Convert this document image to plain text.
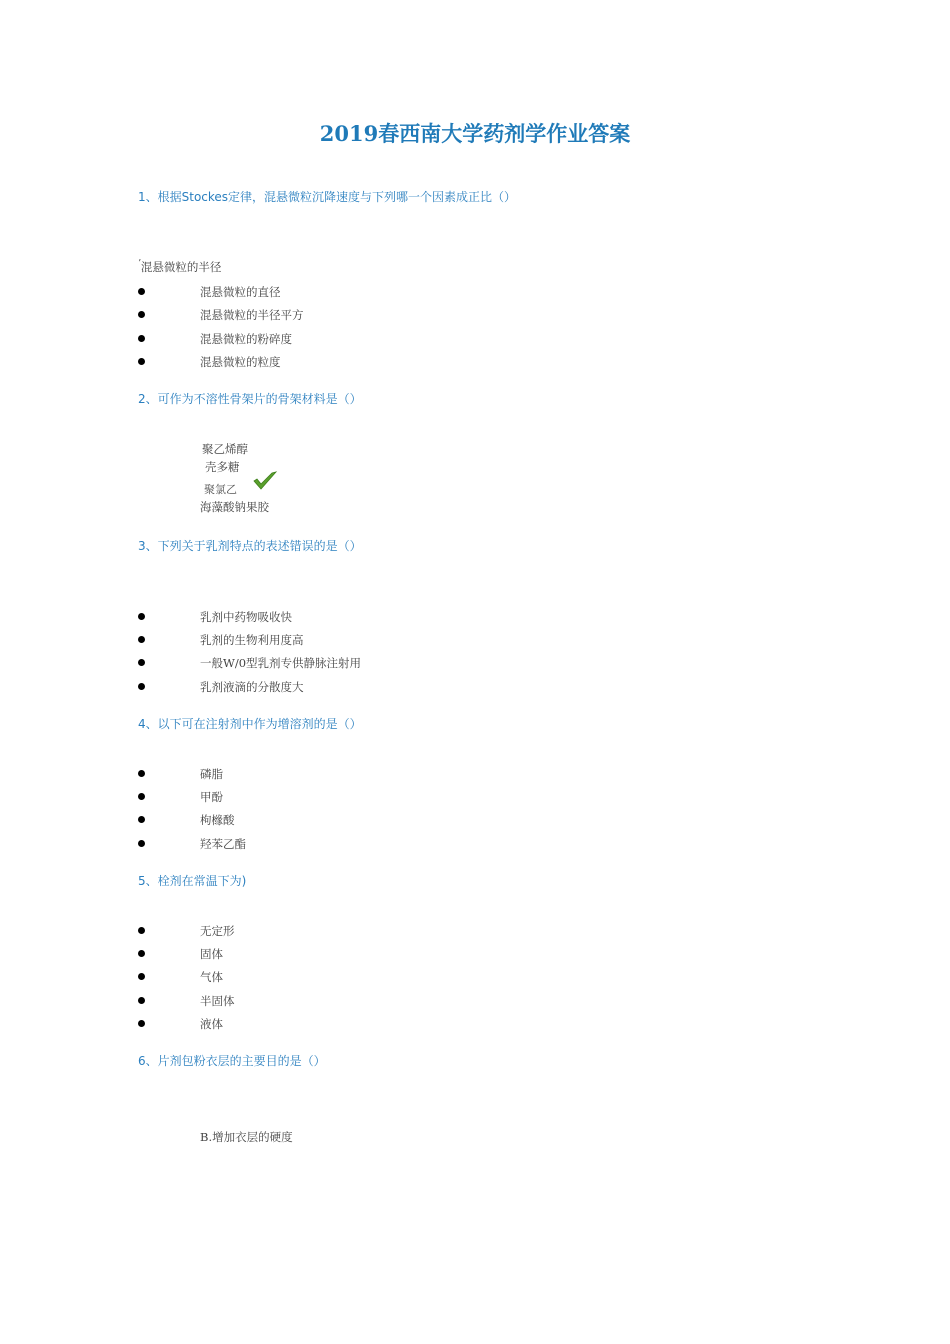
2019春西南大学药剂学作业答案

1、根据Stockes定律，混悬微粒沉降速度与下列哪一个因素成正比（）

$^ʼ$混悬微粒的半径
混悬微粒的直径
混悬微粒的半径平方
混悬微粒的粉碎度
混悬微粒的粒度

2、可作为不溶性骨架片的骨架材料是（）

聚乙烯醇
壳多糖
聚氯乙
海藻酸钠果胶

3、下列关于乳剂特点的表述错误的是（）

乳剂中药物吸收快
乳剂的生物利用度高
一般W/0型乳剂专供静脉注射用
乳剂液滴的分散度大

4、以下可在注射剂中作为增溶剂的是（）

磷脂
甲酚
枸橼酸
羟苯乙酯

5、栓剂在常温下为)

无定形
固体
气体
半固体
液体

6、片剂包粉衣层的主要目的是（）

B.增加衣层的硬度
